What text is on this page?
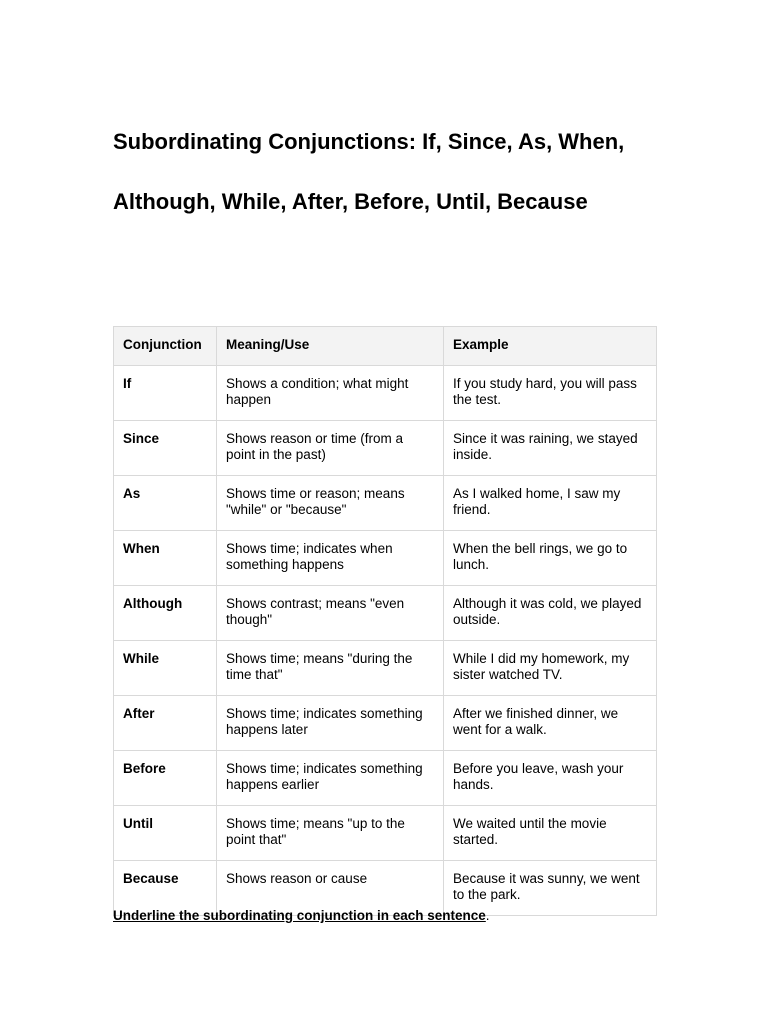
Subordinating Conjunctions: If, Since, As, When,
Although, While, After, Before, Until, Because
Conjunction	Meaning/Use	Example
If	Shows a condition; what might happen	If you study hard, you will pass the test.
Since	Shows reason or time (from a point in the past)	Since it was raining, we stayed inside.
As	Shows time or reason; means "while" or "because"	As I walked home, I saw my friend.
When	Shows time; indicates when something happens	When the bell rings, we go to lunch.
Although	Shows contrast; means "even though"	Although it was cold, we played outside.
While	Shows time; means "during the time that"	While I did my homework, my sister watched TV.
After	Shows time; indicates something happens later	After we finished dinner, we went for a walk.
Before	Shows time; indicates something happens earlier	Before you leave, wash your hands.
Until	Shows time; means "up to the point that"	We waited until the movie started.
Because	Shows reason or cause	Because it was sunny, we went to the park.

Underline the subordinating conjunction in each sentence.
